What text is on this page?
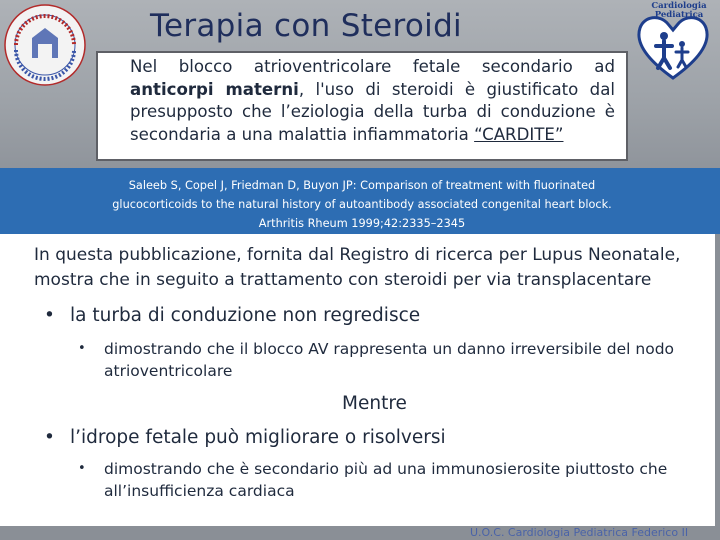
Cardiologia
Pediatrica
Terapia con Steroidi
Nel blocco atrioventricolare fetale secondario ad anticorpi materni, l'uso di steroidi è giustificato dal presupposto che l’eziologia della turba di conduzione è secondaria a una malattia infiammatoria “CARDITE”
Saleeb S, Copel J, Friedman D, Buyon JP: Comparison of treatment with fluorinated glucocorticoids to the natural history of autoantibody associated congenital heart block. Arthritis Rheum 1999;42:2335–2345
In questa pubblicazione, fornita dal Registro di ricerca per Lupus Neonatale, mostra che in seguito a trattamento con steroidi per via transplacentare
• la turba di conduzione non regredisce
•	dimostrando che il blocco AV rappresenta un danno irreversibile del nodo atrioventricolare
Mentre
• l’idrope fetale può migliorare o risolversi
•	dimostrando che è secondario più ad una immunosierosite piuttosto che all’insufficienza cardiaca
U.O.C. Cardiologia Pediatrica Federico II
